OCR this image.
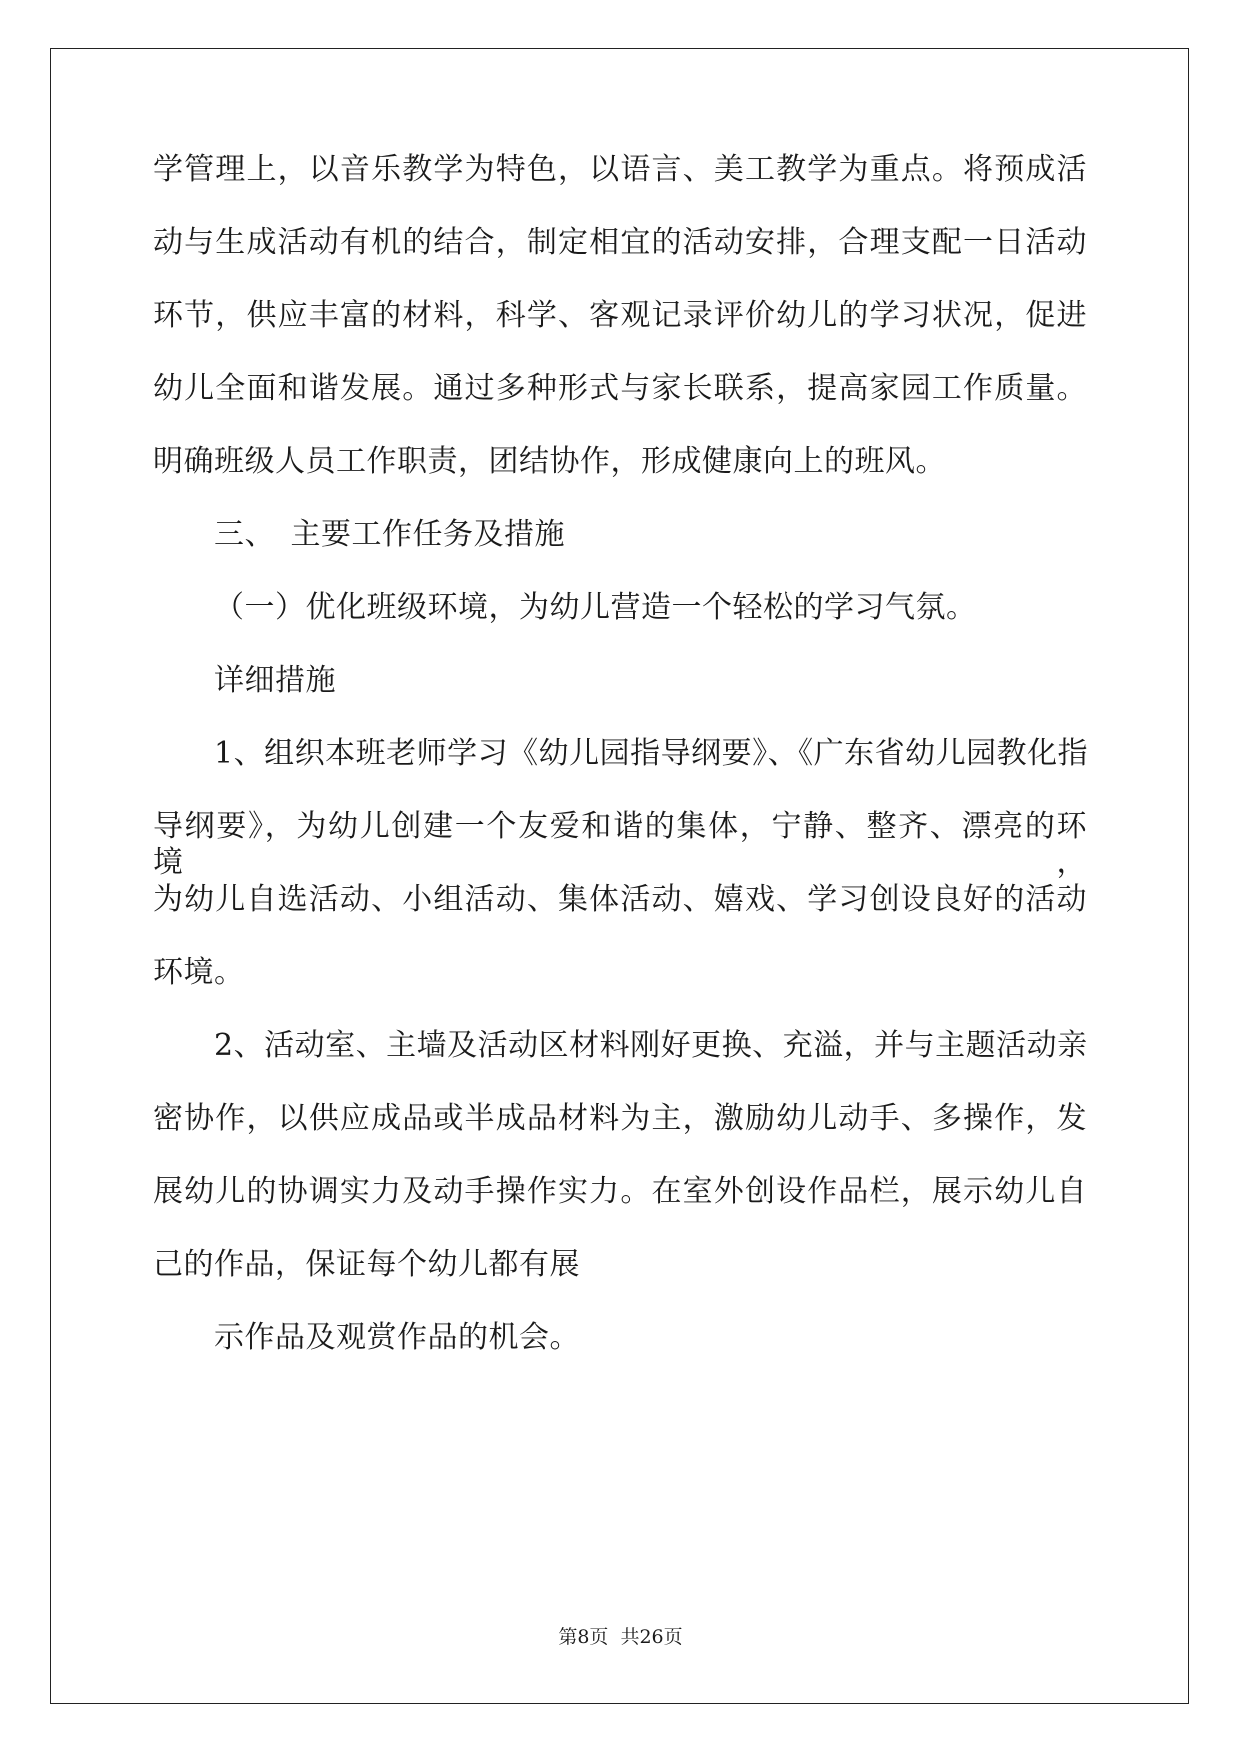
学管理上，以音乐教学为特色，以语言、美工教学为重点。将预成活
动与生成活动有机的结合，制定相宜的活动安排，合理支配一日活动
环节，供应丰富的材料，科学、客观记录评价幼儿的学习状况，促进
幼儿全面和谐发展。通过多种形式与家长联系，提高家园工作质量。
明确班级人员工作职责，团结协作，形成健康向上的班风。
三、　主要工作任务及措施
（一）优化班级环境，为幼儿营造一个轻松的学习气氛。
详细措施
1、组织本班老师学习《幼儿园指导纲要》、《广东省幼儿园教化指
导纲要》，为幼儿创建一个友爱和谐的集体，宁静、整齐、漂亮的环境，
为幼儿自选活动、小组活动、集体活动、嬉戏、学习创设良好的活动
环境。
2、活动室、主墙及活动区材料刚好更换、充溢，并与主题活动亲
密协作，以供应成品或半成品材料为主，激励幼儿动手、多操作，发
展幼儿的协调实力及动手操作实力。在室外创设作品栏，展示幼儿自
己的作品，保证每个幼儿都有展
示作品及观赏作品的机会。
第8页 共26页
